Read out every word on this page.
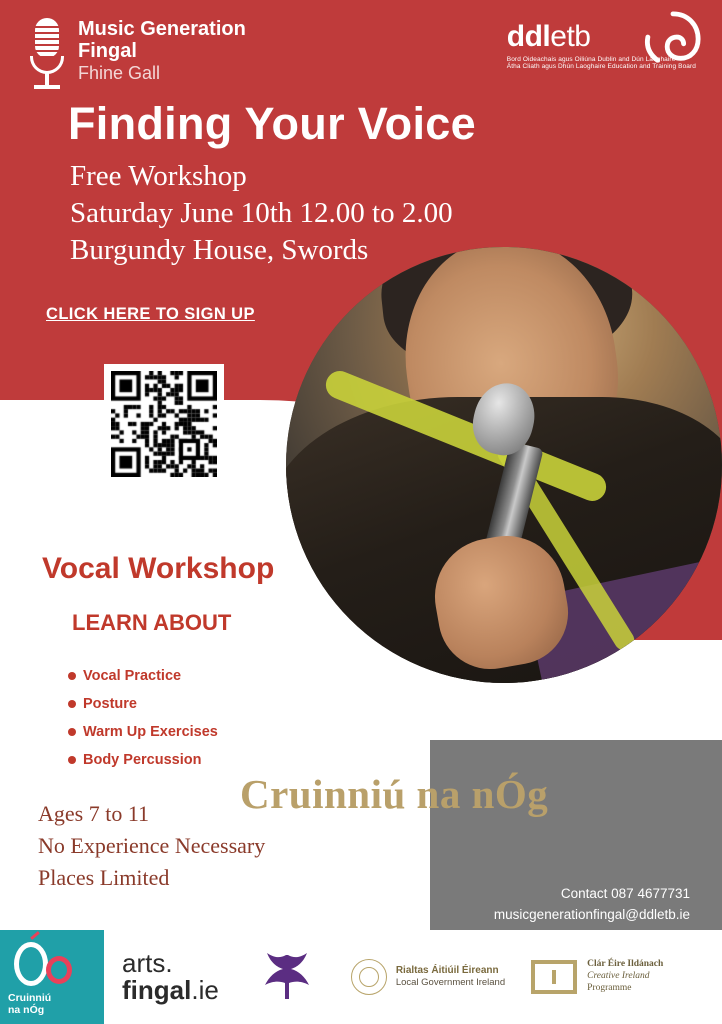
Music Generation
Fingal
Fhine Gall
ddletb
Bord Oideachais agus Oiliúna Dublin and Dún Laoghaire
Átha Cliath agus Dhún Laoghaire Education and Training Board
Finding Your Voice
Free Workshop
Saturday June 10th 12.00 to 2.00
Burgundy House, Swords
CLICK HERE TO SIGN UP
or Scan QR Code
Vocal Workshop
LEARN ABOUT
Vocal Practice
Posture
Warm Up Exercises
Body Percussion
Ages 7 to 11
No Experience Necessary
Places Limited
Cruinniú na nÓg
Contact 087 4677731
musicgenerationfingal@ddletb.ie
Cruinniú
na nÓg
arts.
fingal.ie
Rialtas Áitiúil Éireann
Local Government Ireland
Clár Éire Ildánach
Creative Ireland
Programme
